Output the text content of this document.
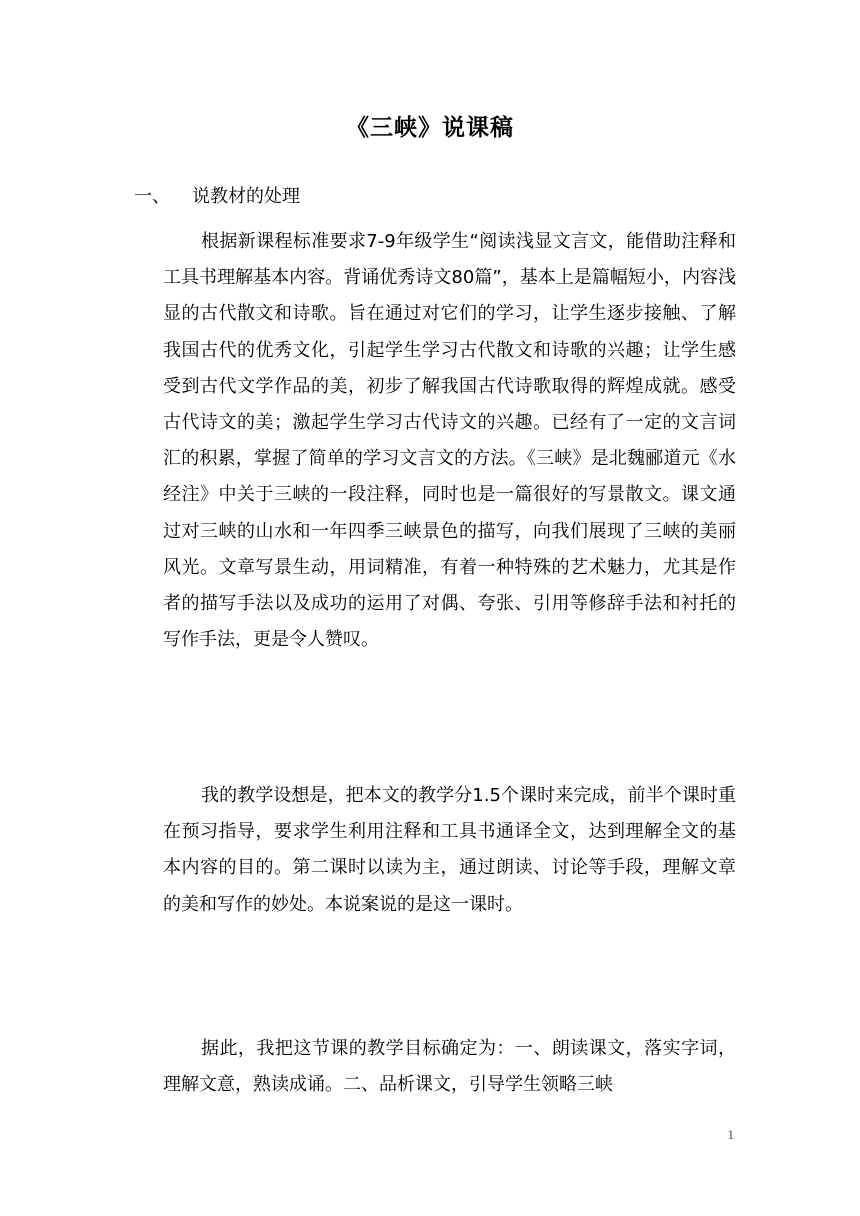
《三峡》说课稿
一、 说教材的处理

根据新课程标准要求7-9年级学生“阅读浅显文言文，能借助注释和工具书理解基本内容。背诵优秀诗文80篇”，基本上是篇幅短小，内容浅显的古代散文和诗歌。旨在通过对它们的学习，让学生逐步接触、了解我国古代的优秀文化，引起学生学习古代散文和诗歌的兴趣；让学生感受到古代文学作品的美，初步了解我国古代诗歌取得的辉煌成就。感受古代诗文的美；激起学生学习古代诗文的兴趣。已经有了一定的文言词汇的积累，掌握了简单的学习文言文的方法。《三峡》是北魏郦道元《水经注》中关于三峡的一段注释，同时也是一篇很好的写景散文。课文通过对三峡的山水和一年四季三峡景色的描写，向我们展现了三峡的美丽风光。文章写景生动，用词精准，有着一种特殊的艺术魅力，尤其是作者的描写手法以及成功的运用了对偶、夸张、引用等修辞手法和衬托的写作手法，更是令人赞叹。

我的教学设想是，把本文的教学分1.5个课时来完成，前半个课时重在预习指导，要求学生利用注释和工具书通译全文，达到理解全文的基本内容的目的。第二课时以读为主，通过朗读、讨论等手段，理解文章的美和写作的妙处。本说案说的是这一课时。

据此，我把这节课的教学目标确定为：一、朗读课文，落实字词，理解文意，熟读成诵。二、品析课文，引导学生领略三峡

1
